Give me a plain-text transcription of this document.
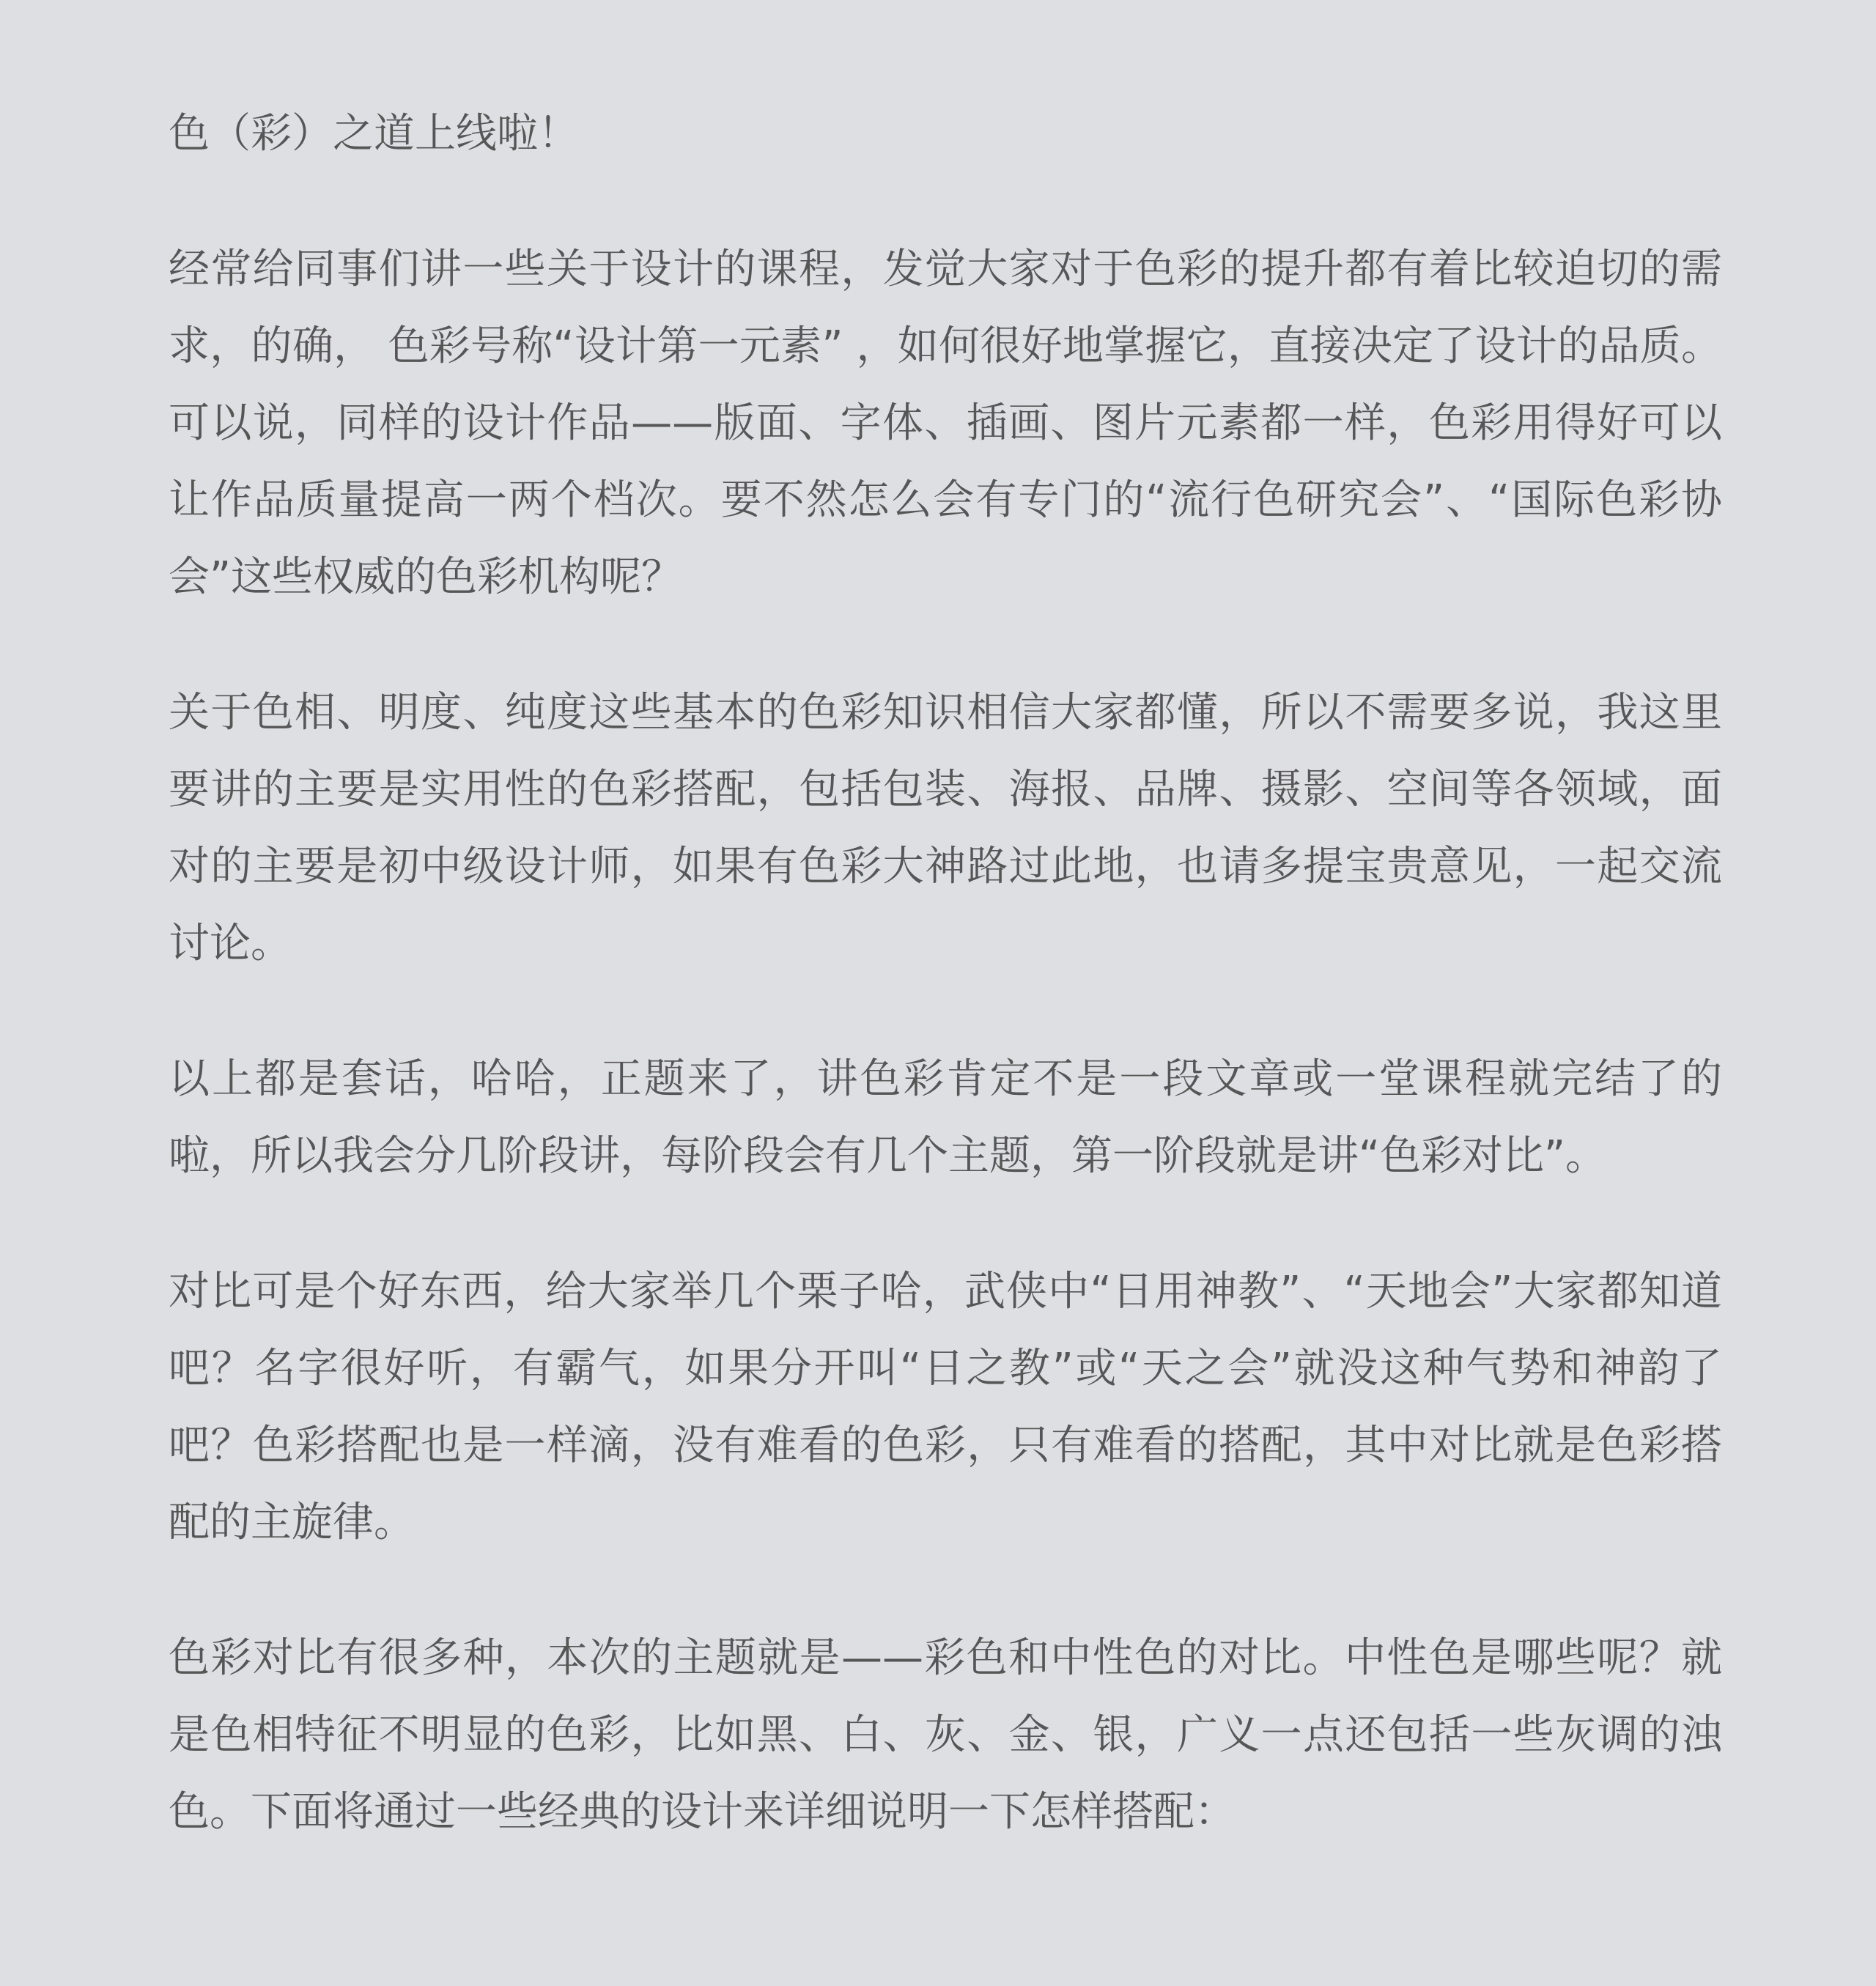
色（彩）之道上线啦！

经常给同事们讲一些关于设计的课程，发觉大家对于色彩的提升都有着比较迫切的需求，的确， 色彩号称“设计第一元素” ，如何很好地掌握它，直接决定了设计的品质。可以说，同样的设计作品——版面、字体、插画、图片元素都一样，色彩用得好可以让作品质量提高一两个档次。要不然怎么会有专门的“流行色研究会”、“国际色彩协会”这些权威的色彩机构呢？

关于色相、明度、纯度这些基本的色彩知识相信大家都懂，所以不需要多说，我这里要讲的主要是实用性的色彩搭配，包括包装、海报、品牌、摄影、空间等各领域，面对的主要是初中级设计师，如果有色彩大神路过此地，也请多提宝贵意见，一起交流讨论。

以上都是套话，哈哈，正题来了，讲色彩肯定不是一段文章或一堂课程就完结了的啦，所以我会分几阶段讲，每阶段会有几个主题，第一阶段就是讲“色彩对比”。

对比可是个好东西，给大家举几个栗子哈，武侠中“日用神教”、“天地会”大家都知道吧？名字很好听，有霸气，如果分开叫“日之教”或“天之会”就没这种气势和神韵了吧？色彩搭配也是一样滴，没有难看的色彩，只有难看的搭配，其中对比就是色彩搭配的主旋律。

色彩对比有很多种，本次的主题就是——彩色和中性色的对比。中性色是哪些呢？就是色相特征不明显的色彩，比如黑、白、灰、金、银，广义一点还包括一些灰调的浊色。下面将通过一些经典的设计来详细说明一下怎样搭配：
